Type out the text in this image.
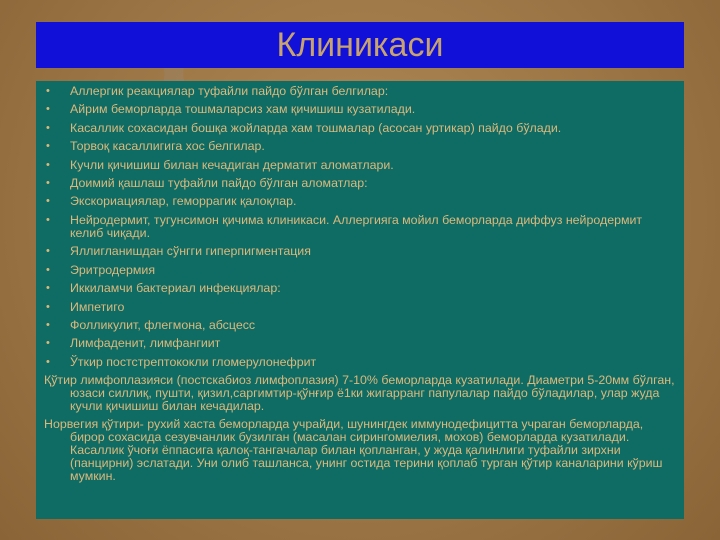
✦ Клиникаси
• Аллергик реакциялар туфайли пайдо бўлган белгилар:
• Айрим беморларда тошмаларсиз хам қичишиш кузатилади.
• Касаллик сохасидан бошқа жойларда хам тошмалар (асосан уртикар) пайдо бўлади.
• Торвоқ касаллигига хос белгилар.
• Кучли қичишиш билан кечадиган дерматит аломатлари.
• Доимий қашлаш туфайли пайдо бўлган аломатлар:
• Экскориациялар, геморрагик қалоқлар.
• Нейродермит, тугунсимон қичима клиникаси. Аллергияга мойил беморларда диффуз нейродермит келиб чиқади.
• Яллигланишдан сўнгги гиперпигментация
• Эритродермия
• Иккиламчи бактериал инфекциялар:
• Импетиго
• Фолликулит, флегмона, абсцесс
• Лимфаденит, лимфангиит
• Ўткир постстрептококли гломерулонефрит

Қўтир лимфоплазияси (постскабиоз лимфоплазия) 7-10% беморларда кузатилади. Диаметри 5-20мм бўлган, юзаси силлиқ, пушти, қизил,саргимтир-қўнғир ё1ки жигарранг папулалар пайдо бўладилар, улар жуда кучли қичишиш билан кечадилар.

Норвегия қўтири- рухий хаста беморларда учрайди, шунингдек иммунодефицитта учраган беморларда, бирор сохасида сезувчанлик бузилган (масалан сирингомиелия, мохов) беморларда кузатилади. Касаллик ўчоғи ёппасига қалоқ-тангачалар билан қопланган, у жуда қалинлиги туфайли зирхни (панцирни) эслатади. Уни олиб ташланса, унинг остида терини қоплаб турган қўтир каналарини кўриш мумкин.
